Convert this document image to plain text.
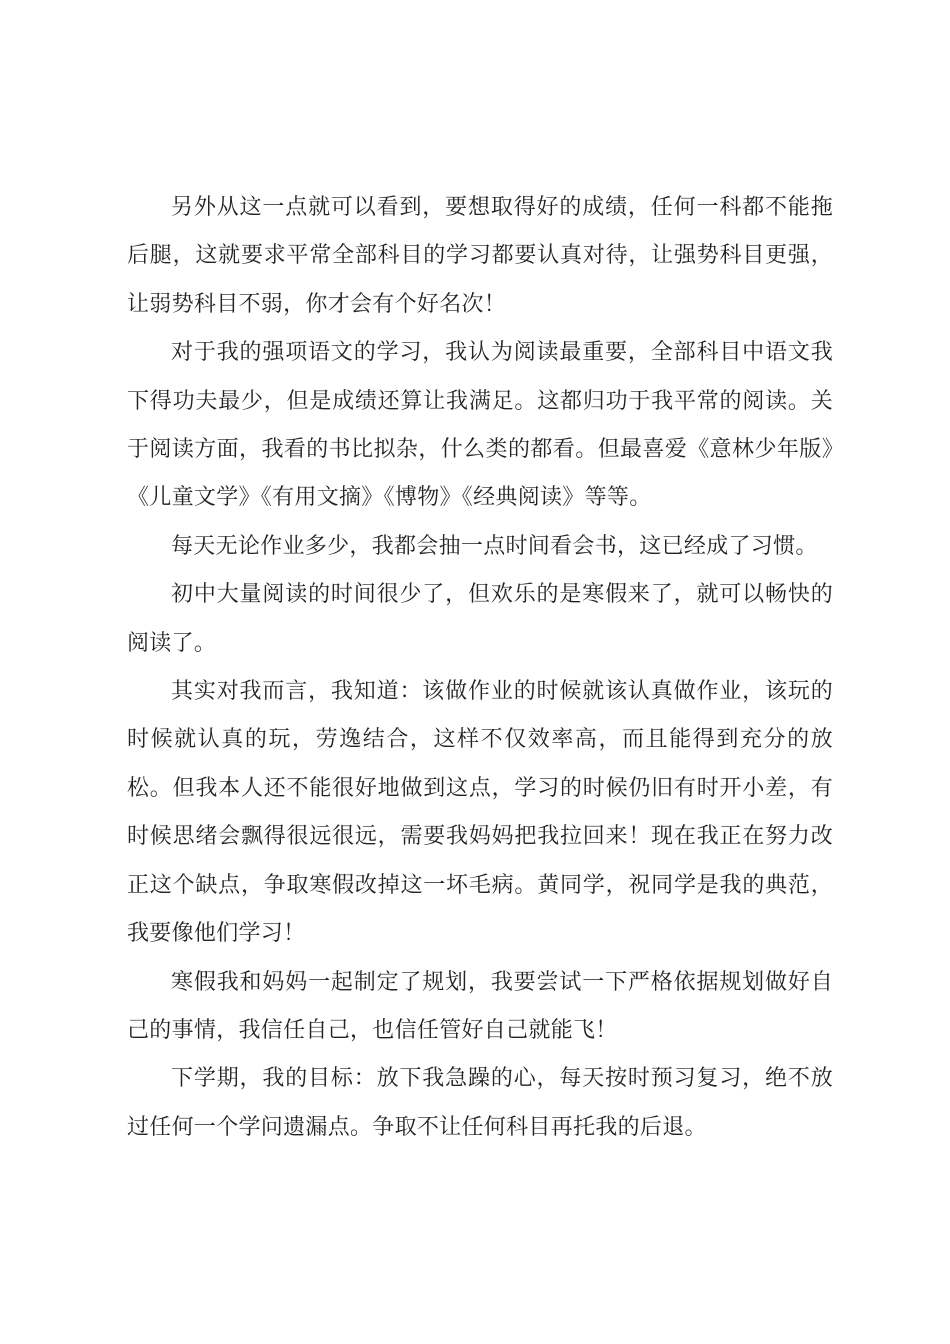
另外从这一点就可以看到，要想取得好的成绩，任何一科都不能拖后腿，这就要求平常全部科目的学习都要认真对待，让强势科目更强，让弱势科目不弱，你才会有个好名次！

对于我的强项语文的学习，我认为阅读最重要，全部科目中语文我下得功夫最少，但是成绩还算让我满足。这都归功于我平常的阅读。关于阅读方面，我看的书比拟杂，什么类的都看。但最喜爱《意林少年版》《儿童文学》《有用文摘》《博物》《经典阅读》等等。

每天无论作业多少，我都会抽一点时间看会书，这已经成了习惯。

初中大量阅读的时间很少了，但欢乐的是寒假来了，就可以畅快的阅读了。

其实对我而言，我知道：该做作业的时候就该认真做作业，该玩的时候就认真的玩，劳逸结合，这样不仅效率高，而且能得到充分的放松。但我本人还不能很好地做到这点，学习的时候仍旧有时开小差，有时候思绪会飘得很远很远，需要我妈妈把我拉回来！现在我正在努力改正这个缺点，争取寒假改掉这一坏毛病。黄同学，祝同学是我的典范，我要像他们学习！

寒假我和妈妈一起制定了规划，我要尝试一下严格依据规划做好自己的事情，我信任自己，也信任管好自己就能飞！

下学期，我的目标：放下我急躁的心，每天按时预习复习，绝不放过任何一个学问遗漏点。争取不让任何科目再托我的后退。
